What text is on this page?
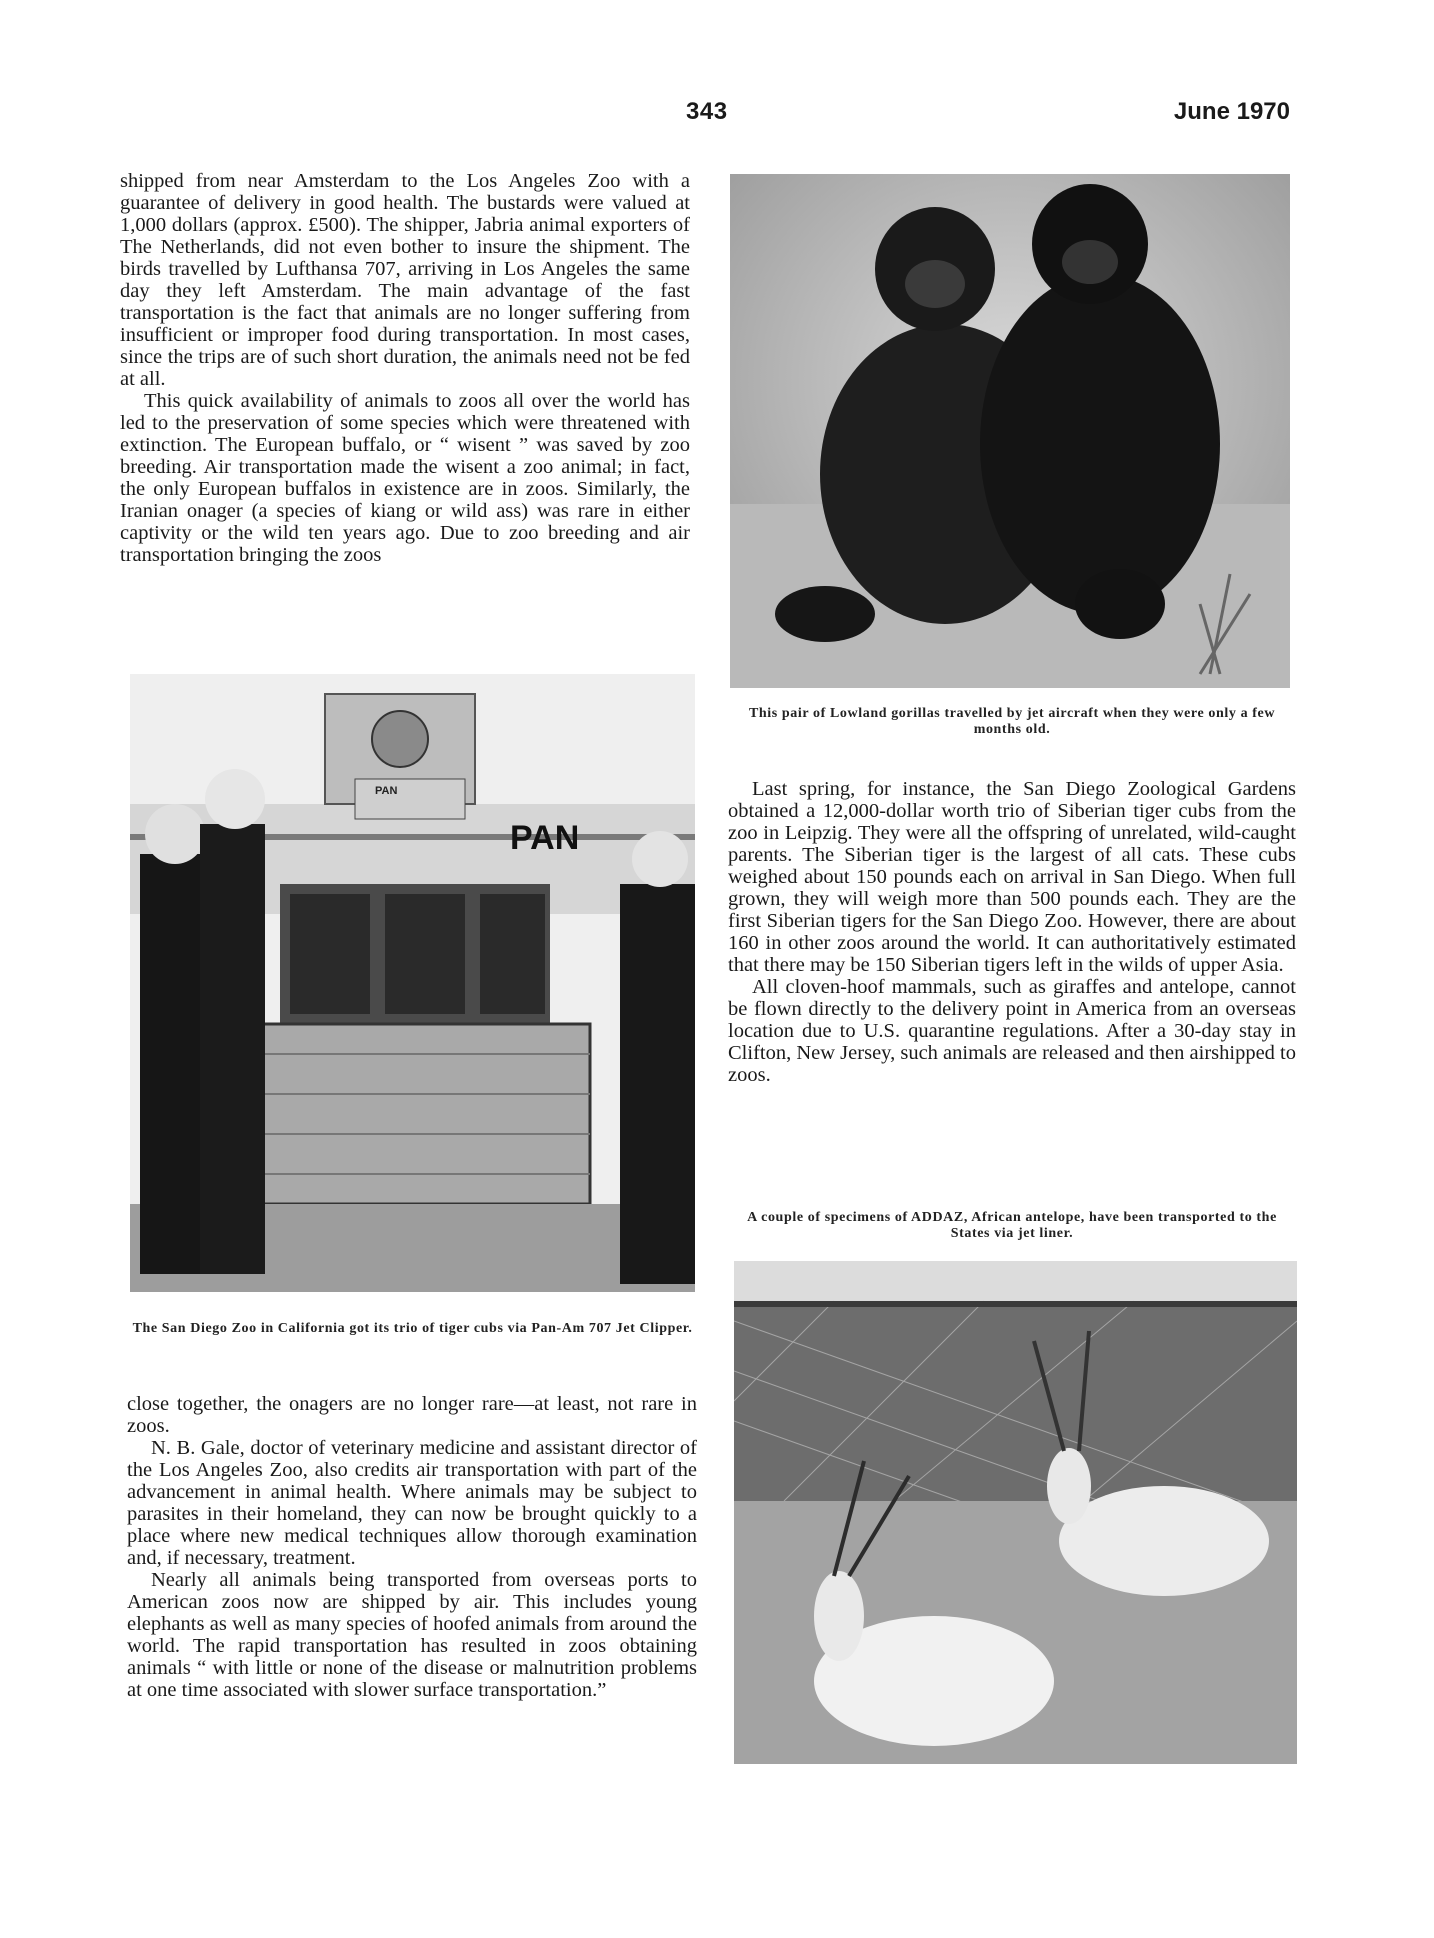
343	June 1970

shipped from near Amsterdam to the Los Angeles Zoo with a guarantee of delivery in good health. The bustards were valued at 1,000 dollars (approx. £500). The shipper, Jabria animal exporters of The Netherlands, did not even bother to insure the shipment. The birds travelled by Lufthansa 707, arriving in Los Angeles the same day they left Amsterdam. The main advantage of the fast transportation is the fact that animals are no longer suffering from insufficient or improper food during transportation. In most cases, since the trips are of such short duration, the animals need not be fed at all.

This quick availability of animals to zoos all over the world has led to the preservation of some species which were threatened with extinction. The European buffalo, or “ wisent ” was saved by zoo breeding. Air transportation made the wisent a zoo animal; in fact, the only European buffalos in existence are in zoos. Similarly, the Iranian onager (a species of kiang or wild ass) was rare in either captivity or the wild ten years ago. Due to zoo breeding and air transportation bringing the zoos

This pair of Lowland gorillas travelled by jet aircraft when they were only a few months old.
PAN
PAN
The San Diego Zoo in California got its trio of tiger cubs via Pan-Am 707 Jet Clipper.

Last spring, for instance, the San Diego Zoological Gardens obtained a 12,000-dollar worth trio of Siberian tiger cubs from the zoo in Leipzig. They were all the offspring of unrelated, wild-caught parents. The Siberian tiger is the largest of all cats. These cubs weighed about 150 pounds each on arrival in San Diego. When full grown, they will weigh more than 500 pounds each. They are the first Siberian tigers for the San Diego Zoo. However, there are about 160 in other zoos around the world. It can authoritatively estimated that there may be 150 Siberian tigers left in the wilds of upper Asia.

All cloven-hoof mammals, such as giraffes and antelope, cannot be flown directly to the delivery point in America from an overseas location due to U.S. quarantine regulations. After a 30-day stay in Clifton, New Jersey, such animals are released and then airshipped to zoos.

A couple of specimens of ADDAZ, African antelope, have been transported to the States via jet liner.

close together, the onagers are no longer rare—at least, not rare in zoos.

N. B. Gale, doctor of veterinary medicine and assistant director of the Los Angeles Zoo, also credits air transportation with part of the advancement in animal health. Where animals may be subject to parasites in their homeland, they can now be brought quickly to a place where new medical techniques allow thorough examination and, if necessary, treatment.

Nearly all animals being transported from overseas ports to American zoos now are shipped by air. This includes young elephants as well as many species of hoofed animals from around the world. The rapid transportation has resulted in zoos obtaining animals “ with little or none of the disease or malnutrition problems at one time associated with slower surface transportation.”
